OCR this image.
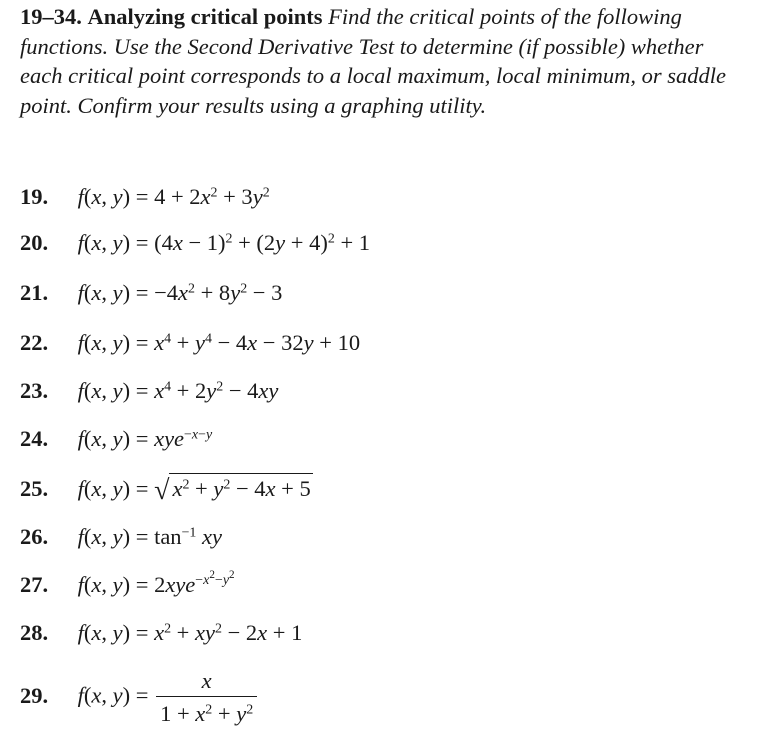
19–34. Analyzing critical points Find the critical points of the following functions. Use the Second Derivative Test to determine (if possible) whether each critical point corresponds to a local maximum, local minimum, or saddle point. Confirm your results using a graphing utility.
19. f(x, $y) = 4 + 2x^2 + 3y^2$
20. f(x, $y) = (4x - 1)^2 + (2y + 4)^2 + 1$
21. f(x, $y) = -4x^2 + 8y^2 - 3$
22. f(x, $y) = x^4 + y^4 - 4x - 32y + 10$
23. f(x, $y) = x^4 + 2y^2 - 4xy$
24. f(x, y) = xye$^{-x-y}$
25. f(x, y) = √ $x^2 + y^2 - 4x + 5$
26. f(x, $y) = \tan^{-1}$ xy
27. f(x, y) = 2xye$^{-x^2-y^2}$
28. f(x, $y) = x^2 + xy^2 - 2x + 1$
29. f(x, $y) = \frac{x}{1 + x^2 + y^2}$
